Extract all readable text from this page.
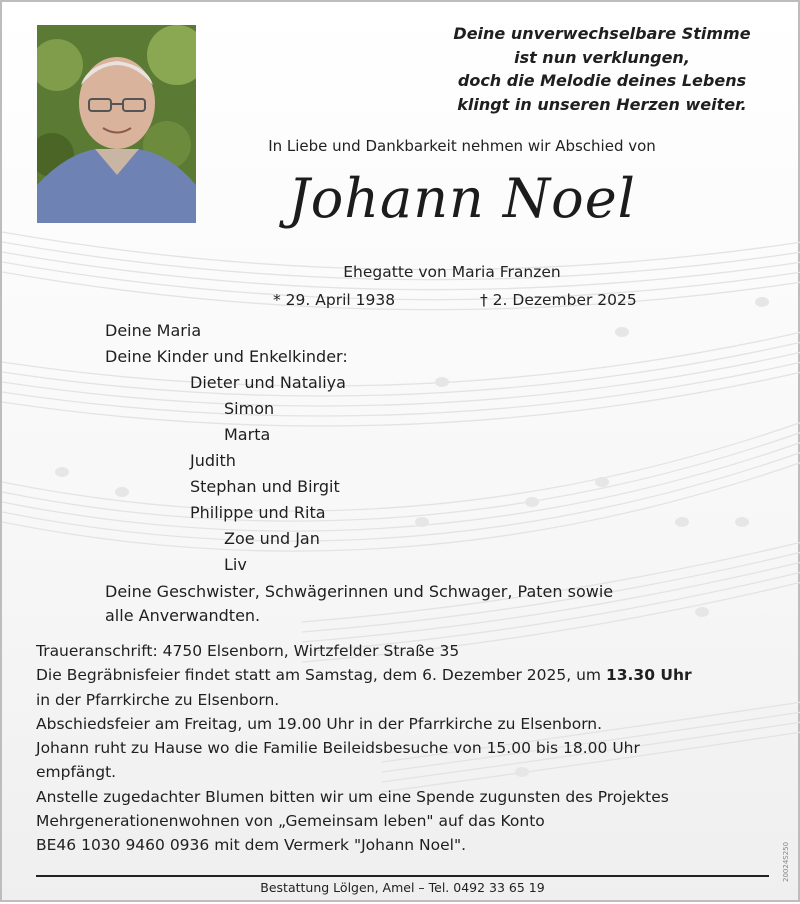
Deine unverwechselbare Stimme
ist nun verklungen,
doch die Melodie deines Lebens
klingt in unseren Herzen weiter.
In Liebe und Dankbarkeit nehmen wir Abschied von
Johann Noel
Ehegatte von Maria Franzen
* 29. April 1938	† 2. Dezember 2025
Deine Maria
Deine Kinder und Enkelkinder:
Dieter und Nataliya
Simon
Marta
Judith
Stephan und Birgit
Philippe und Rita
Zoe und Jan
Liv
Deine Geschwister, Schwägerinnen und Schwager, Paten sowie
alle Anverwandten.
Traueranschrift: 4750 Elsenborn, Wirtzfelder Straße 35
Die Begräbnisfeier findet statt am Samstag, dem 6. Dezember 2025, um 13.30 Uhr
in der Pfarrkirche zu Elsenborn.
Abschiedsfeier am Freitag, um 19.00 Uhr in der Pfarrkirche zu Elsenborn.
Johann ruht zu Hause wo die Familie Beileidsbesuche von 15.00 bis 18.00 Uhr
empfängt.
Anstelle zugedachter Blumen bitten wir um eine Spende zugunsten des Projektes
Mehrgenerationenwohnen von „Gemeinsam leben" auf das Konto
BE46 1030 9460 0936 mit dem Vermerk "Johann Noel".
Bestattung Lölgen, Amel – Tel. 0492 33 65 19
20024S250
